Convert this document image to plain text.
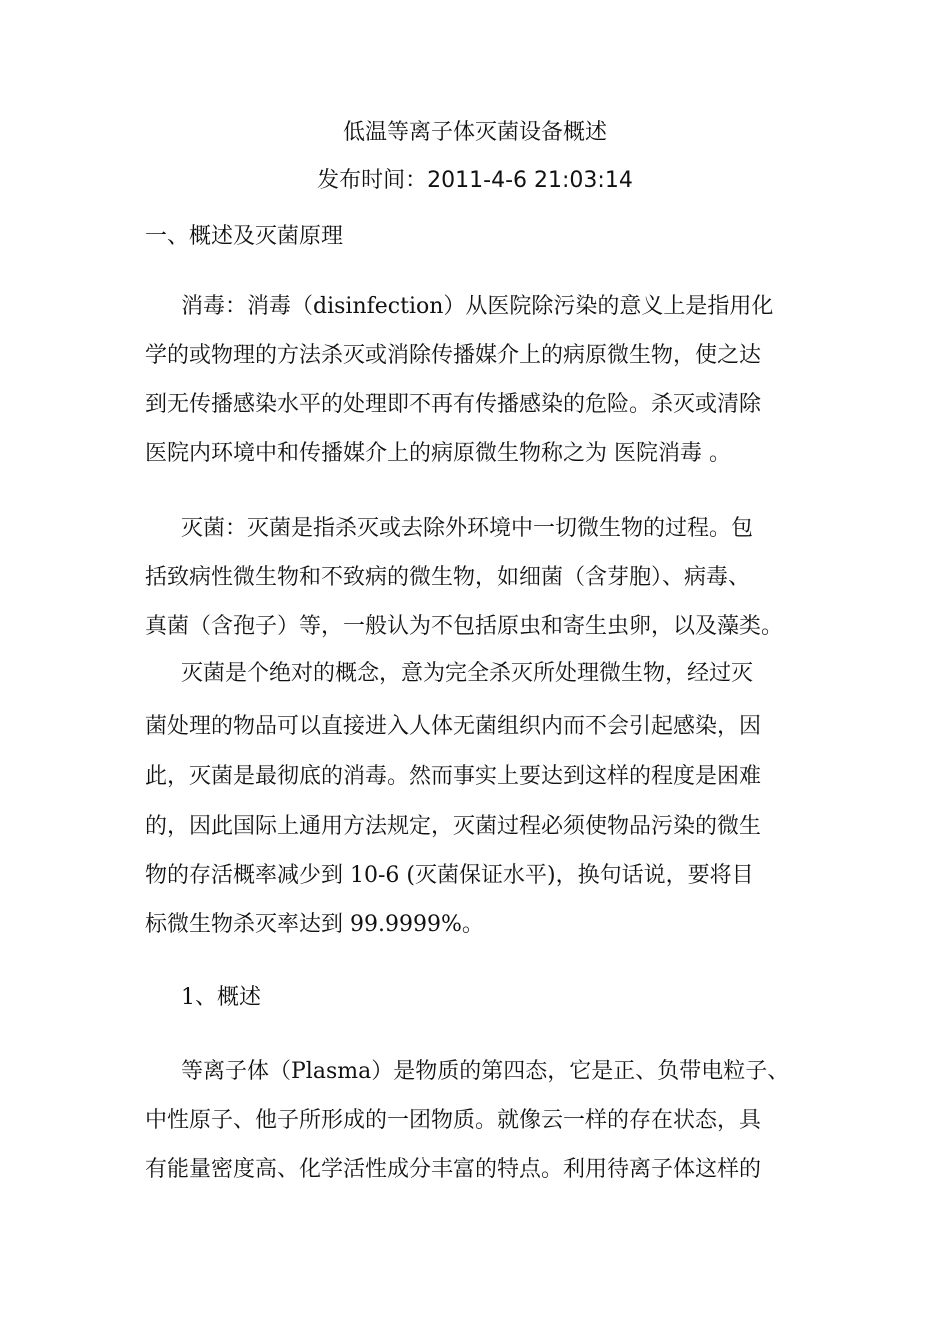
低温等离子体灭菌设备概述
发布时间：2011-4-6 21:03:14
一、概述及灭菌原理
消毒：消毒（disinfection）从医院除污染的意义上是指用化
学的或物理的方法杀灭或消除传播媒介上的病原微生物，使之达
到无传播感染水平的处理即不再有传播感染的危险。杀灭或清除
医院内环境中和传播媒介上的病原微生物称之为 医院消毒 。
灭菌：灭菌是指杀灭或去除外环境中一切微生物的过程。包
括致病性微生物和不致病的微生物，如细菌（含芽胞）、病毒、
真菌（含孢子）等，一般认为不包括原虫和寄生虫卵，以及藻类。
灭菌是个绝对的概念，意为完全杀灭所处理微生物，经过灭
菌处理的物品可以直接进入人体无菌组织内而不会引起感染，因
此，灭菌是最彻底的消毒。然而事实上要达到这样的程度是困难
的，因此国际上通用方法规定，灭菌过程必须使物品污染的微生
物的存活概率减少到 10-6 (灭菌保证水平)，换句话说，要将目
标微生物杀灭率达到 99.9999%。
1、概述
等离子体（Plasma）是物质的第四态，它是正、负带电粒子、
中性原子、他子所形成的一团物质。就像云一样的存在状态，具
有能量密度高、化学活性成分丰富的特点。利用待离子体这样的
